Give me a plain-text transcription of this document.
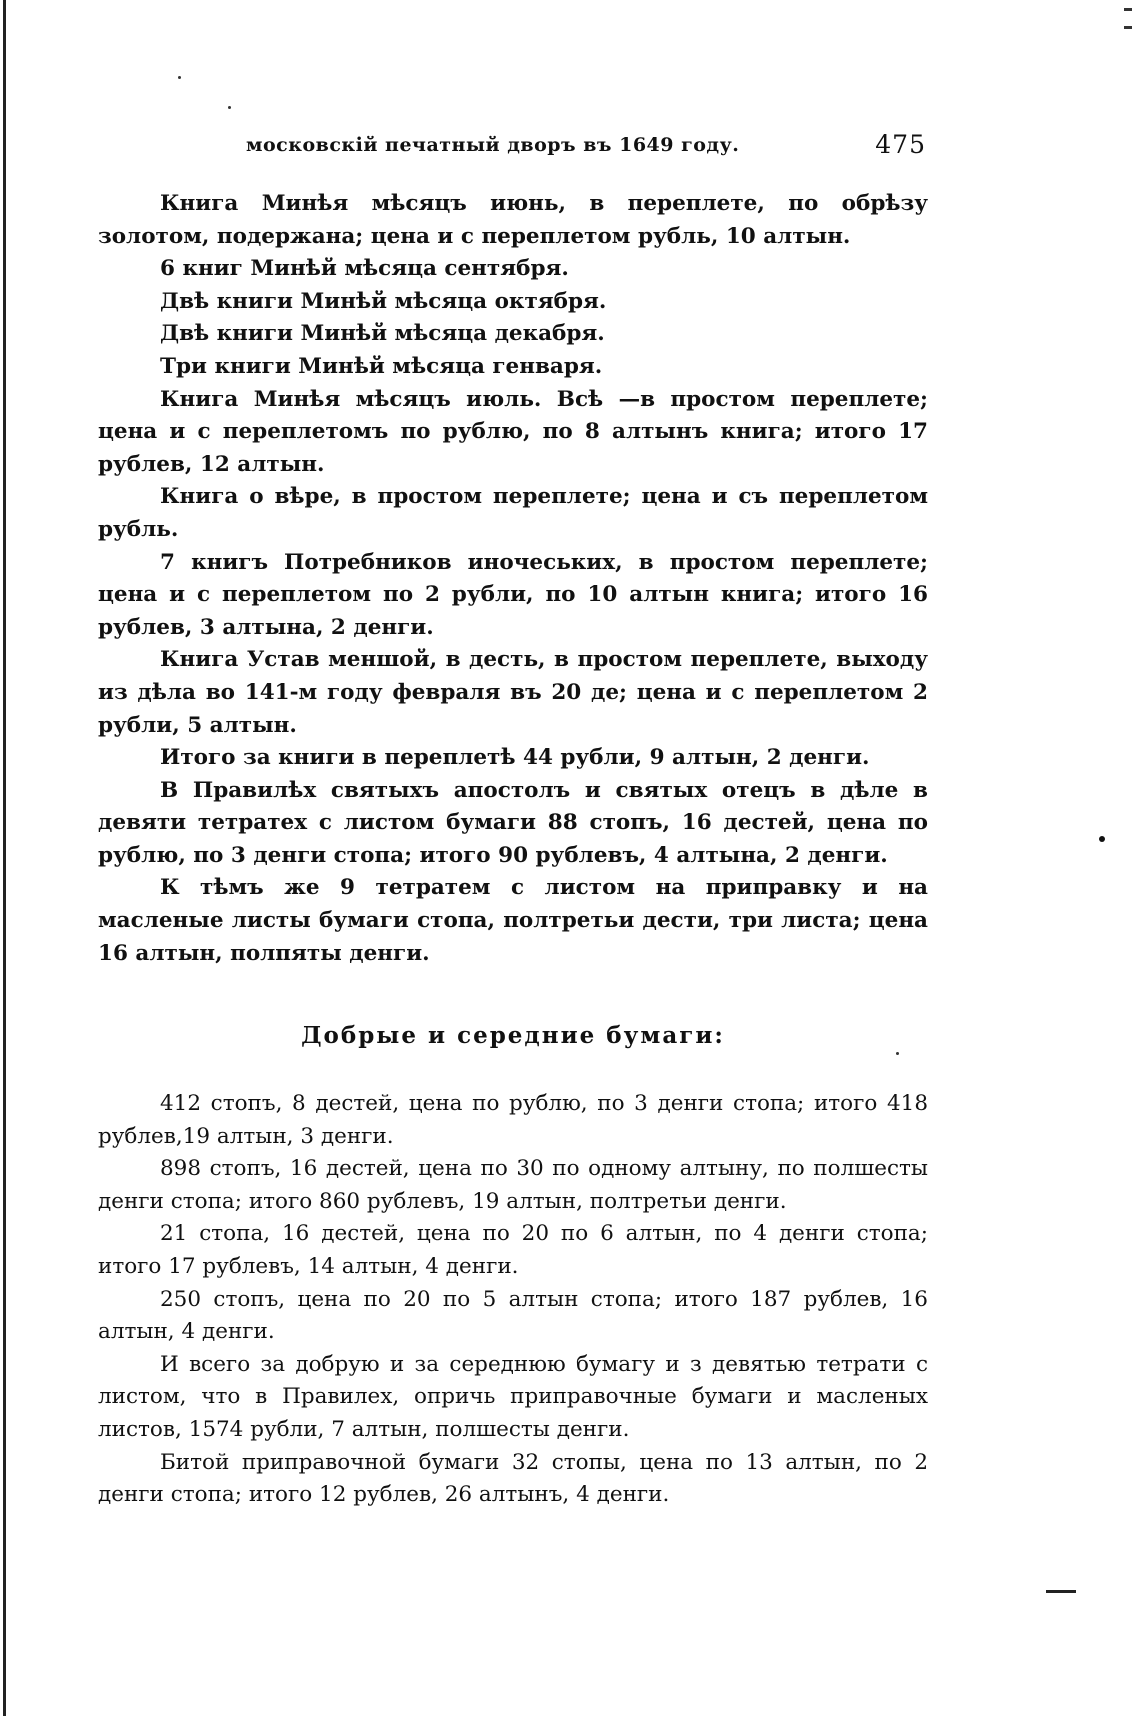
московскій печатный дворъ въ 1649 году.	475

Книга Минѣя мѣсяцъ июнь, в переплете, по обрѣзу золотом, подержана; цена и с переплетом рубль, 10 алтын.

6 книг Минѣй мѣсяца сентября.

Двѣ книги Минѣй мѣсяца октября.

Двѣ книги Минѣй мѣсяца декабря.

Три книги Минѣй мѣсяца генваря.

Книга Минѣя мѣсяцъ июль. Всѣ —в простом переплете; цена и с переплетомъ по рублю, по 8 алтынъ книга; итого 17 рублев, 12 алтын.

Книга о вѣре, в простом переплете; цена и съ переплетом рубль.

7 книгъ Потребников иночеських, в простом переплете; цена и с переплетом по 2 рубли, по 10 алтын книга; итого 16 рублев, 3 алтына, 2 денги.

Книга Устав меншой, в десть, в простом переплете, выходу из дѣла во 141-м году февраля въ 20 де; цена и с переплетом 2 рубли, 5 алтын.

Итого за книги в переплетѣ 44 рубли, 9 алтын, 2 денги.

В Правилѣх святыхъ апостолъ и святых отецъ в дѣле в девяти тетратех с листом бумаги 88 стопъ, 16 дестей, цена по рублю, по 3 денги стопа; итого 90 рублевъ, 4 алтына, 2 денги.

К тѣмъ же 9 тетратем с листом на приправку и на масленые листы бумаги стопа, полтретьи дести, три листа; цена 16 алтын, полпяты денги.

Добрые и середние бумаги:

412 стопъ, 8 дестей, цена по рублю, по 3 денги стопа; итого 418 рублев,19 алтын, 3 денги.

898 стопъ, 16 дестей, цена по 30 по одному алтыну, по полшесты денги стопа; итого 860 рублевъ, 19 алтын, полтретьи денги.

21 стопа, 16 дестей, цена по 20 по 6 алтын, по 4 денги стопа; итого 17 рублевъ, 14 алтын, 4 денги.

250 стопъ, цена по 20 по 5 алтын стопа; итого 187 рублев, 16 алтын, 4 денги.

И всего за добрую и за середнюю бумагу и з девятью тетрати с листом, что в Правилех, опричь приправочные бумаги и масленых листов, 1574 рубли, 7 алтын, полшесты денги.

Битой приправочной бумаги 32 стопы, цена по 13 алтын, по 2 денги стопа; итого 12 рублев, 26 алтынъ, 4 денги.
